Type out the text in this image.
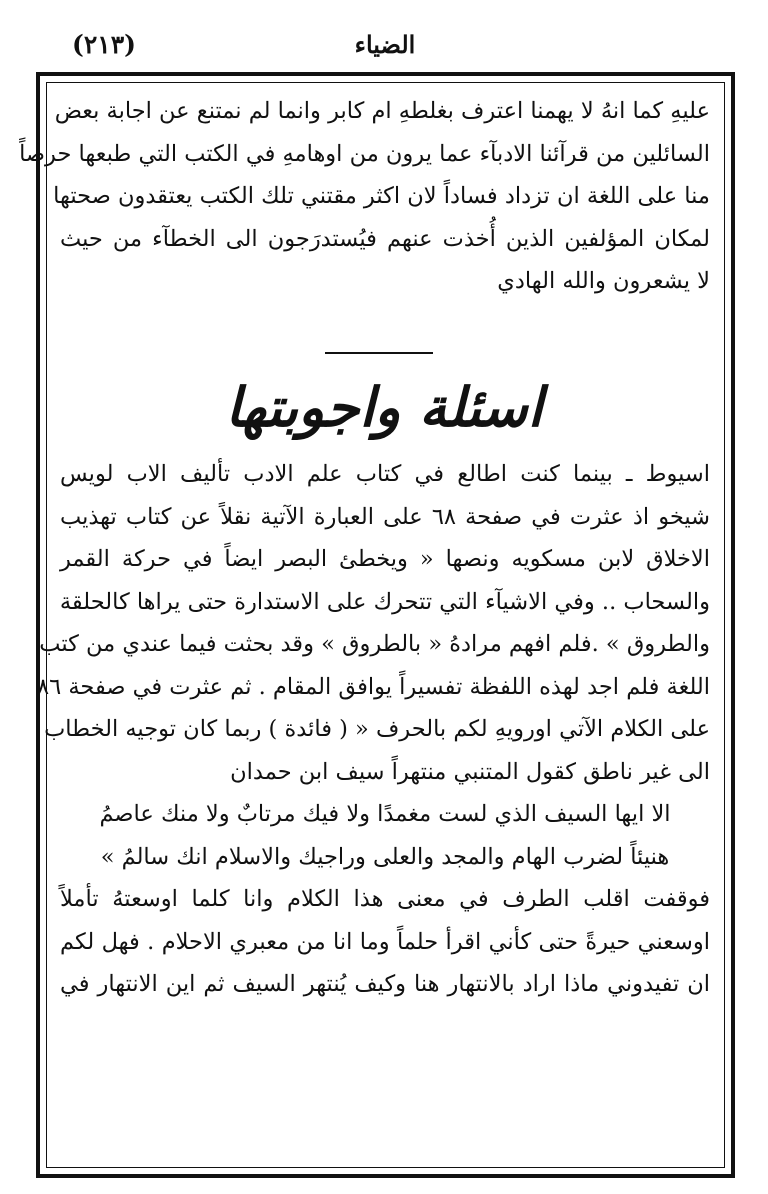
(٢١٣)	الضياء
عليهِ كما انهُ لا يهمنا اعترف بغلطهِ ام كابر وانما لم نمتنع عن اجابة بعض
السائلين من قرآئنا الادبآء عما يرون من اوهامهِ في الكتب التي طبعها حرصاً
منا على اللغة ان تزداد فساداً لان اكثر مقتني تلك الكتب يعتقدون صحتها
لمكان المؤلفين الذين أُخذت عنهم فيُستدرَجون الى الخطآء من حيث
لا يشعرون والله الهادي
اسئلة واجوبتها
اسيوط ـ بينما كنت اطالع في كتاب علم الادب تأليف الاب لويس
شيخو اذ عثرت في صفحة ٦٨ على العبارة الآتية نقلاً عن كتاب تهذيب
الاخلاق لابن مسكويه ونصها « ويخطئ البصر ايضاً في حركة القمر
والسحاب .. وفي الاشيآء التي تتحرك على الاستدارة حتى يراها كالحلقة
والطروق » .فلم افهم مرادهُ « بالطروق » وقد بحثت فيما عندي من كتب
اللغة فلم اجد لهذه اللفظة تفسيراً يوافق المقام . ثم عثرت في صفحة ٨٦
على الكلام الآتي اورويهِ لكم بالحرف « ( فائدة ) ربما كان توجيه الخطاب
الى غير ناطق كقول المتنبي منتهراً سيف ابن حمدان
الا ايها السيف الذي لست مغمدًا ولا فيك مرتابٌ ولا منك عاصمُ
هنيئاً لضرب الهام والمجد والعلى وراجيك والاسلام انك سالمُ »
فوقفت اقلب الطرف في معنى هذا الكلام وانا كلما اوسعتهُ تأملاً
اوسعني حيرةً حتى كأني اقرأ حلماً وما انا من معبري الاحلام . فهل لكم
ان تفيدوني ماذا اراد بالانتهار هنا وكيف يُنتهر السيف ثم اين الانتهار في
